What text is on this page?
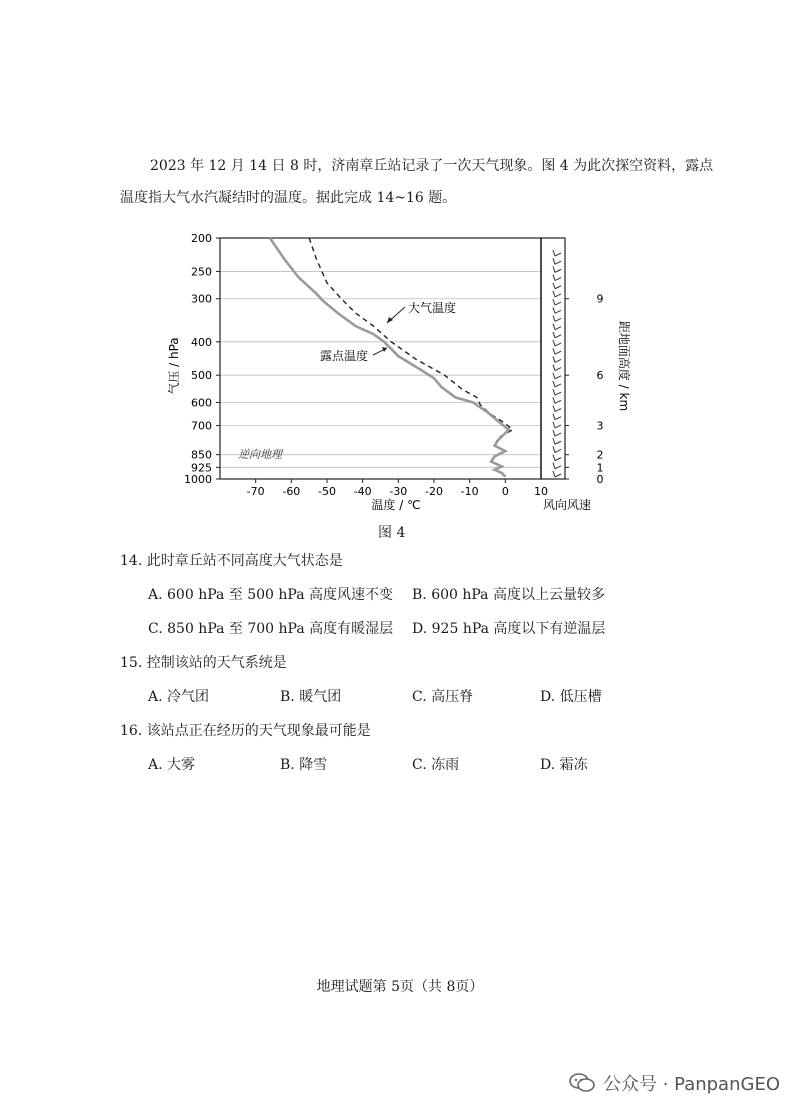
2023 年 12 月 14 日 8 时，济南章丘站记录了一次天气现象。图 4 为此次探空资料，露点温度指大气水汽凝结时的温度。据此完成 14~16 题。

200
250
300
400
500
600
700
850
925
1000
-70 -60 -50 -40 -30 -20 -10 0
0
1
2
3
6
9
大气温度
露点温度
逆向地理
气压 / hPa
温度 / ℃
10
风向风速
距地面高度 / km
图 4
14. 此时章丘站不同高度大气状态是
A. 600 hPa 至 500 hPa 高度风速不变 B. 600 hPa 高度以上云量较多
C. 850 hPa 至 700 hPa 高度有暖湿层 D. 925 hPa 高度以下有逆温层
15. 控制该站的天气系统是
A. 冷气团	B. 暖气团	C. 高压脊	D. 低压槽
16. 该站点正在经历的天气现象最可能是
A. 大雾	B. 降雪	C. 冻雨	D. 霜冻
地理试题第 5页（共 8页）
公众号 · PanpanGEO
